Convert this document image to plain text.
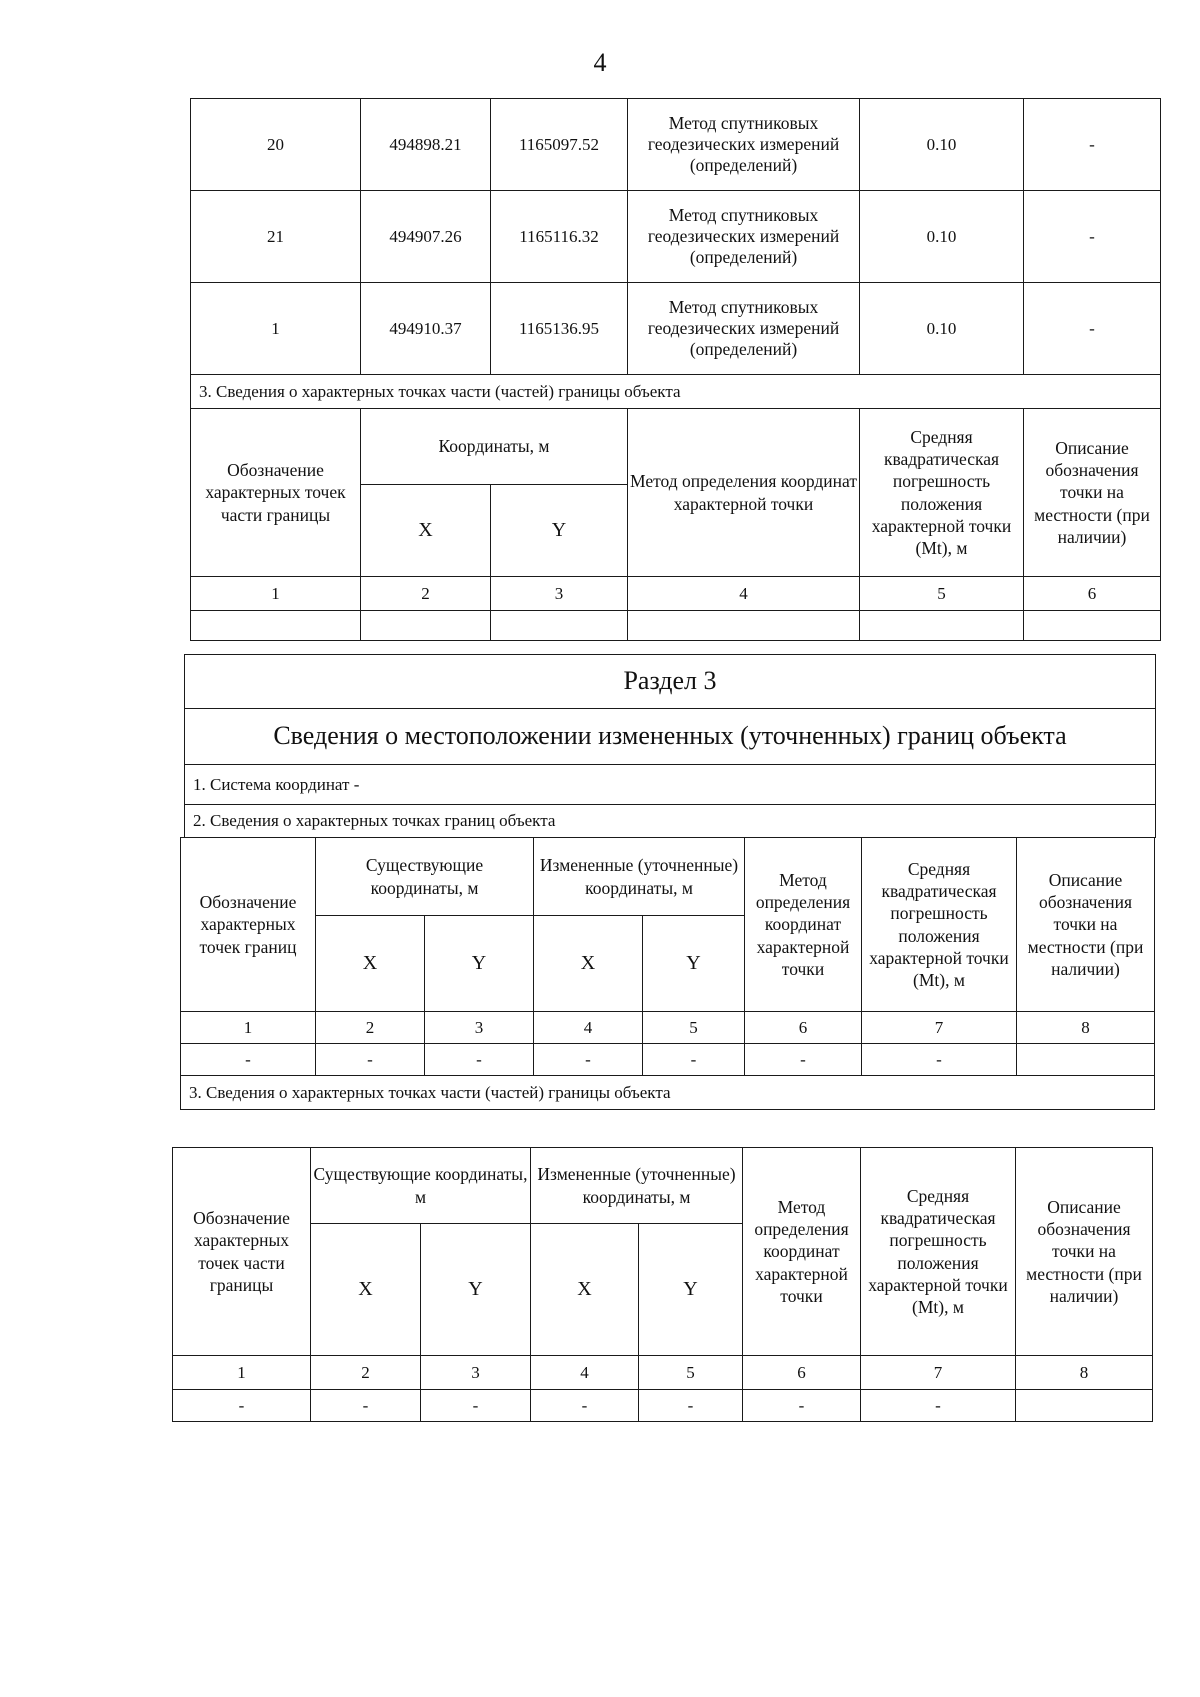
4
20	494898.21	1165097.52	Метод спутниковых геодезических измерений (определений)	0.10	-
21	494907.26	1165116.32	Метод спутниковых геодезических измерений (определений)	0.10	-
1	494910.37	1165136.95	Метод спутниковых геодезических измерений (определений)	0.10	-
3. Сведения о характерных точках части (частей) границы объекта					
Обозначение характерных точек части границы	Координаты, м		Метод определения координат характерной точки	Средняя квадратическая погрешность положения характерной точки (Mt), м	Описание обозначения точки на местности (при наличии)
	X	Y			
1	2	3	4	5	6

Раздел 3
Сведения о местоположении измененных (уточненных) границ объекта
1. Система координат -
2. Сведения о характерных точках границ объекта
Обозначение характерных точек границ	Существующие координаты, м		Измененные (уточненные) координаты, м		Метод определения координат характерной точки	Средняя квадратическая погрешность положения характерной точки (Mt), м	Описание обозначения точки на местности (при наличии)
	X	Y	X	Y			
1	2	3	4	5	6	7	8
-	-	-	-	-	-	-	
3. Сведения о характерных точках части (частей) границы объекта							
Обозначение характерных точек части границы	Существующие координаты, м		Измененные (уточненные) координаты, м		Метод определения координат характерной точки	Средняя квадратическая погрешность положения характерной точки (Mt), м	Описание обозначения точки на местности (при наличии)
	X	Y	X	Y			
1	2	3	4	5	6	7	8
-	-	-	-	-	-	-	
